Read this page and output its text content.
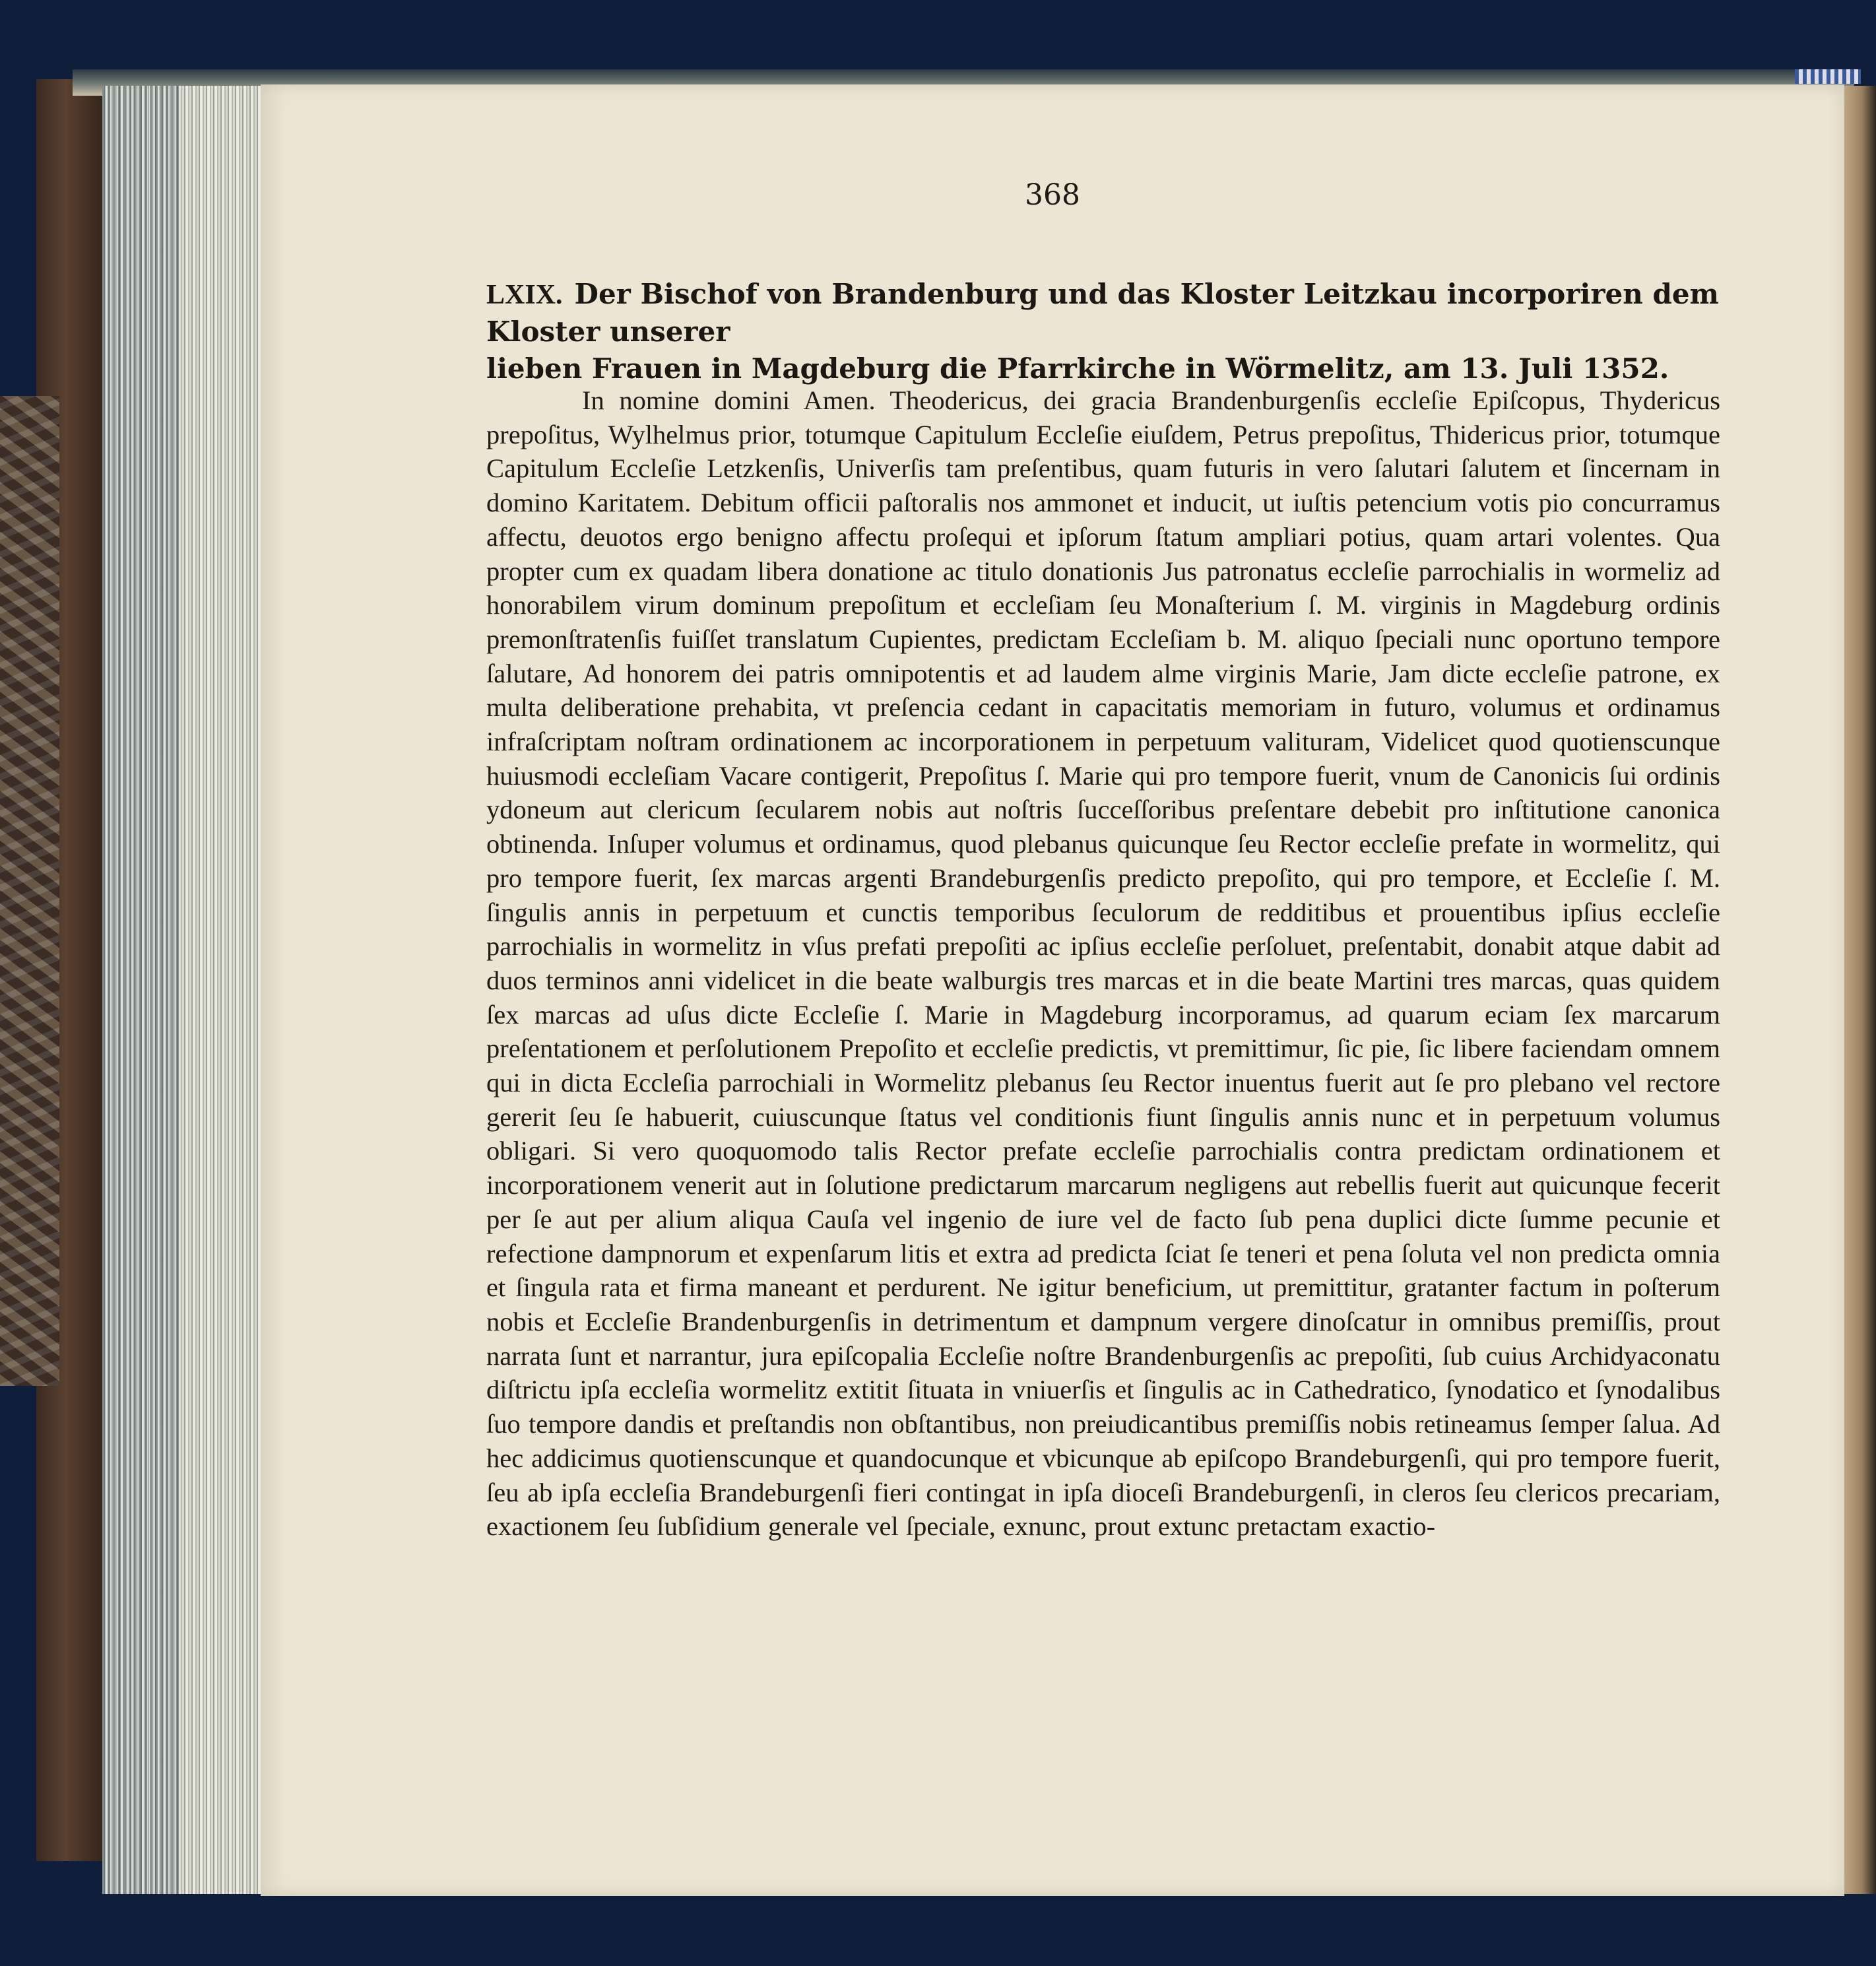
368
LXIX. Der Bischof von Brandenburg und das Kloster Leitzkau incorporiren dem Kloster unserer
lieben Frauen in Magdeburg die Pfarrkirche in Wörmelitz, am 13. Juli 1352.
In nomine domini Amen. Theodericus, dei gracia Brandenburgenſis eccleſie Epiſcopus, Thydericus prepoſitus, Wylhelmus prior, totumque Capitulum Eccleſie eiuſdem, Petrus prepoſitus, Thidericus prior, totumque Capitulum Eccleſie Letzkenſis, Univerſis tam preſentibus, quam futuris in vero ſalutari ſalutem et ſincernam in domino Karitatem. Debitum officii paſtoralis nos ammonet et inducit, ut iuſtis petencium votis pio concurramus affectu, deuotos ergo benigno affectu proſequi et ipſorum ſtatum ampliari potius, quam artari volentes. Qua propter cum ex quadam libera donatione ac titulo donationis Jus patronatus eccleſie parrochialis in wormeliz ad honorabilem virum dominum prepoſitum et eccleſiam ſeu Monaſterium ſ. M. virginis in Magdeburg ordinis premonſtratenſis fuiſſet translatum Cupientes, predictam Eccleſiam b. M. aliquo ſpeciali nunc oportuno tempore ſalutare, Ad honorem dei patris omnipotentis et ad laudem alme virginis Marie, Jam dicte eccleſie patrone, ex multa deliberatione prehabita, vt preſencia cedant in capacitatis memoriam in futuro, volumus et ordinamus infraſcriptam noſtram ordinationem ac incorporationem in perpetuum valituram, Videlicet quod quotienscunque huiusmodi eccleſiam Vacare contigerit, Prepoſitus ſ. Marie qui pro tempore fuerit, vnum de Canonicis ſui ordinis ydoneum aut clericum ſecularem nobis aut noſtris ſucceſſoribus preſentare debebit pro inſtitutione canonica obtinenda. Inſuper volumus et ordinamus, quod plebanus quicunque ſeu Rector eccleſie prefate in wormelitz, qui pro tempore fuerit, ſex marcas argenti Brandeburgenſis predicto prepoſito, qui pro tempore, et Eccleſie ſ. M. ſingulis annis in perpetuum et cunctis temporibus ſeculorum de redditibus et prouentibus ipſius eccleſie parrochialis in wormelitz in vſus prefati prepoſiti ac ipſius eccleſie perſoluet, preſentabit, donabit atque dabit ad duos terminos anni videlicet in die beate walburgis tres marcas et in die beate Martini tres marcas, quas quidem ſex marcas ad uſus dicte Eccleſie ſ. Marie in Magdeburg incorporamus, ad quarum eciam ſex marcarum preſentationem et perſolutionem Prepoſito et eccleſie predictis, vt premittimur, ſic pie, ſic libere faciendam omnem qui in dicta Eccleſia parrochiali in Wormelitz plebanus ſeu Rector inuentus fuerit aut ſe pro plebano vel rectore gererit ſeu ſe habuerit, cuiuscunque ſtatus vel conditionis fiunt ſingulis annis nunc et in perpetuum volumus obligari. Si vero quoquomodo talis Rector prefate eccleſie parrochialis contra predictam ordinationem et incorporationem venerit aut in ſolutione predictarum marcarum negligens aut rebellis fuerit aut quicunque fecerit per ſe aut per alium aliqua Cauſa vel ingenio de iure vel de facto ſub pena duplici dicte ſumme pecunie et refectione dampnorum et expenſarum litis et extra ad predicta ſciat ſe teneri et pena ſoluta vel non predicta omnia et ſingula rata et firma maneant et perdurent. Ne igitur beneficium, ut premittitur, gratanter factum in poſterum nobis et Eccleſie Brandenburgenſis in detrimentum et dampnum vergere dinoſcatur in omnibus premiſſis, prout narrata ſunt et narrantur, jura epiſcopalia Eccleſie noſtre Brandenburgenſis ac prepoſiti, ſub cuius Archidyaconatu diſtrictu ipſa eccleſia wormelitz extitit ſituata in vniuerſis et ſingulis ac in Cathedratico, ſynodatico et ſynodalibus ſuo tempore dandis et preſtandis non obſtantibus, non preiudicantibus premiſſis nobis retineamus ſemper ſalua. Ad hec addicimus quotienscunque et quandocunque et vbicunque ab epiſcopo Brandeburgenſi, qui pro tempore fuerit, ſeu ab ipſa eccleſia Brandeburgenſi fieri contingat in ipſa dioceſi Brandeburgenſi, in cleros ſeu clericos precariam, exactionem ſeu ſubſidium generale vel ſpeciale, exnunc, prout extunc pretactam exactio-
